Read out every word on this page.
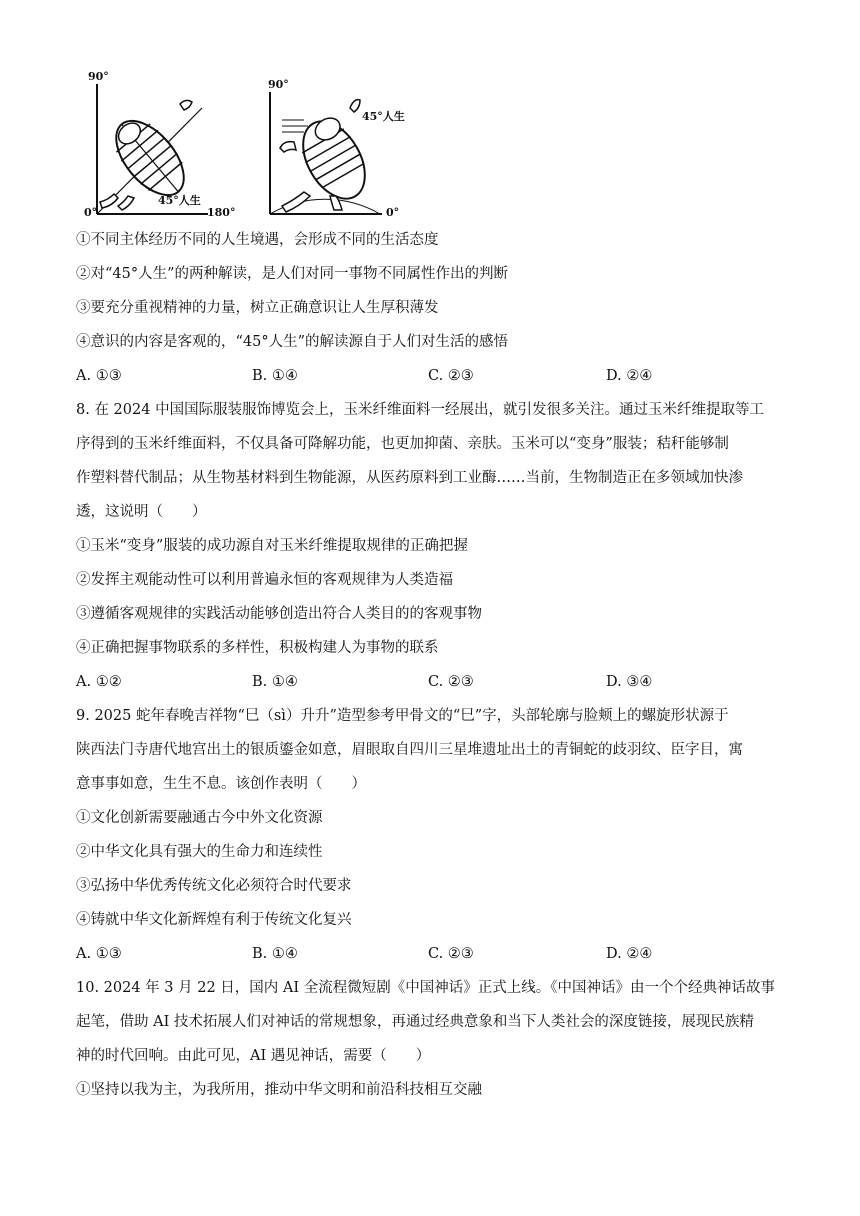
90°
0°	180°
45°人生
90°
0°
45°人生
①不同主体经历不同的人生境遇，会形成不同的生活态度
②对“45°人生”的两种解读，是人们对同一事物不同属性作出的判断
③要充分重视精神的力量，树立正确意识让人生厚积薄发
④意识的内容是客观的，“45°人生”的解读源自于人们对生活的感悟
A. ①③	B. ①④	C. ②③	D. ②④
8. 在 2024 中国国际服装服饰博览会上，玉米纤维面料一经展出，就引发很多关注。通过玉米纤维提取等工
序得到的玉米纤维面料，不仅具备可降解功能，也更加抑菌、亲肤。玉米可以“变身”服装；秸秆能够制
作塑料替代制品；从生物基材料到生物能源，从医药原料到工业酶……当前，生物制造正在多领域加快渗
透，这说明（　　）
①玉米“变身”服装的成功源自对玉米纤维提取规律的正确把握
②发挥主观能动性可以利用普遍永恒的客观规律为人类造福
③遵循客观规律的实践活动能够创造出符合人类目的的客观事物
④正确把握事物联系的多样性，积极构建人为事物的联系
A. ①②	B. ①④	C. ②③	D. ③④
9. 2025 蛇年春晚吉祥物“巳（sì）升升”造型参考甲骨文的“巳”字，头部轮廓与脸颊上的螺旋形状源于
陕西法门寺唐代地宫出土的银质鎏金如意，眉眼取自四川三星堆遗址出土的青铜蛇的歧羽纹、臣字目，寓
意事事如意，生生不息。该创作表明（　　）
①文化创新需要融通古今中外文化资源
②中华文化具有强大的生命力和连续性
③弘扬中华优秀传统文化必须符合时代要求
④铸就中华文化新辉煌有利于传统文化复兴
A. ①③	B. ①④	C. ②③	D. ②④
10. 2024 年 3 月 22 日，国内 AI 全流程微短剧《中国神话》正式上线。《中国神话》由一个个经典神话故事
起笔，借助 AI 技术拓展人们对神话的常规想象，再通过经典意象和当下人类社会的深度链接，展现民族精
神的时代回响。由此可见，AI 遇见神话，需要（　　）
①坚持以我为主，为我所用，推动中华文明和前沿科技相互交融
